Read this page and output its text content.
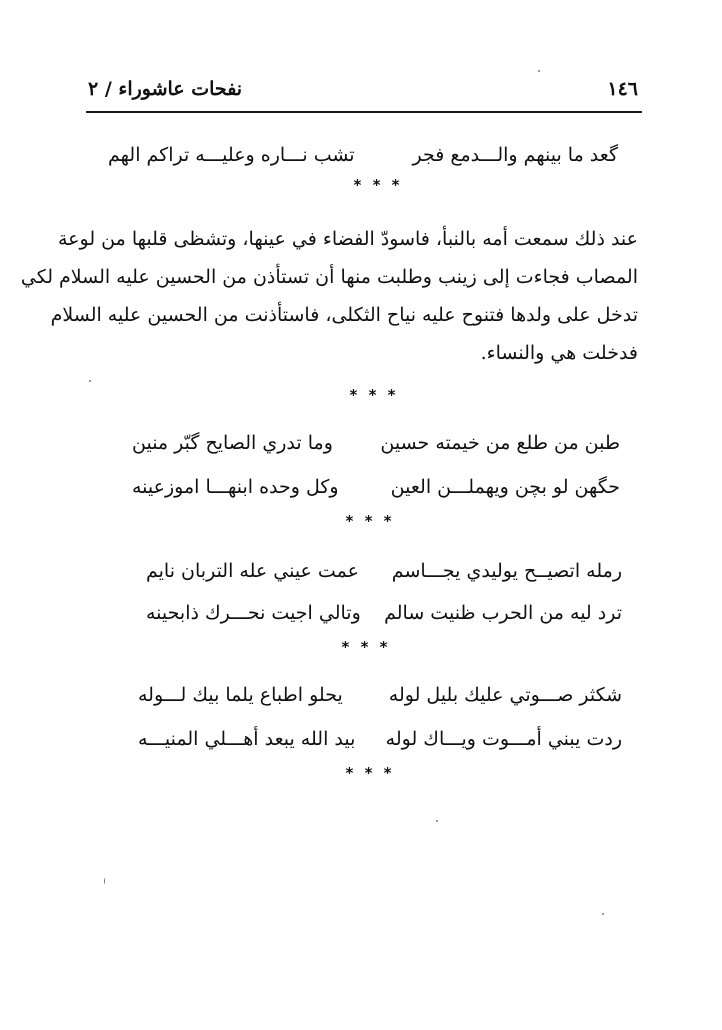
١٤٦
نفحات عاشوراء / ٢
گعد ما بينهم والـــدمع فجر
تشب نـــاره وعليـــه تراكم الهم
* * *
عند ذلك سمعت أمه بالنبأ، فاسودّ الفضاء في عينها، وتشظى قلبها من لوعة
المصاب فجاءت إلى زينب وطلبت منها أن تستأذن من الحسين عليه السلام لكي
تدخل على ولدها فتنوح عليه نياح الثكلى، فاستأذنت من الحسين عليه السلام
فدخلت هي والنساء.
* * *
طبن من طلع من خيمته حسين
وما تدري الصايح گبّر منين
حگهن لو بچن ويهملـــن العين
وكل وحده ابنهـــا اموزعينه
* * *
رمله اتصيــح يوليدي يجـــاسم
عمت عيني عله التربان نايم
ترد ليه من الحرب ظنيت سالم
وتالي اجيت نحـــرك ذابحينه
* * *
شكثر صـــوتي عليك بليل لوله
يحلو اطباع يلما بيك لـــوله
ردت يبني أمـــوت ويـــاك لوله
بيد الله يبعد أهـــلي المنيـــه
* * *
